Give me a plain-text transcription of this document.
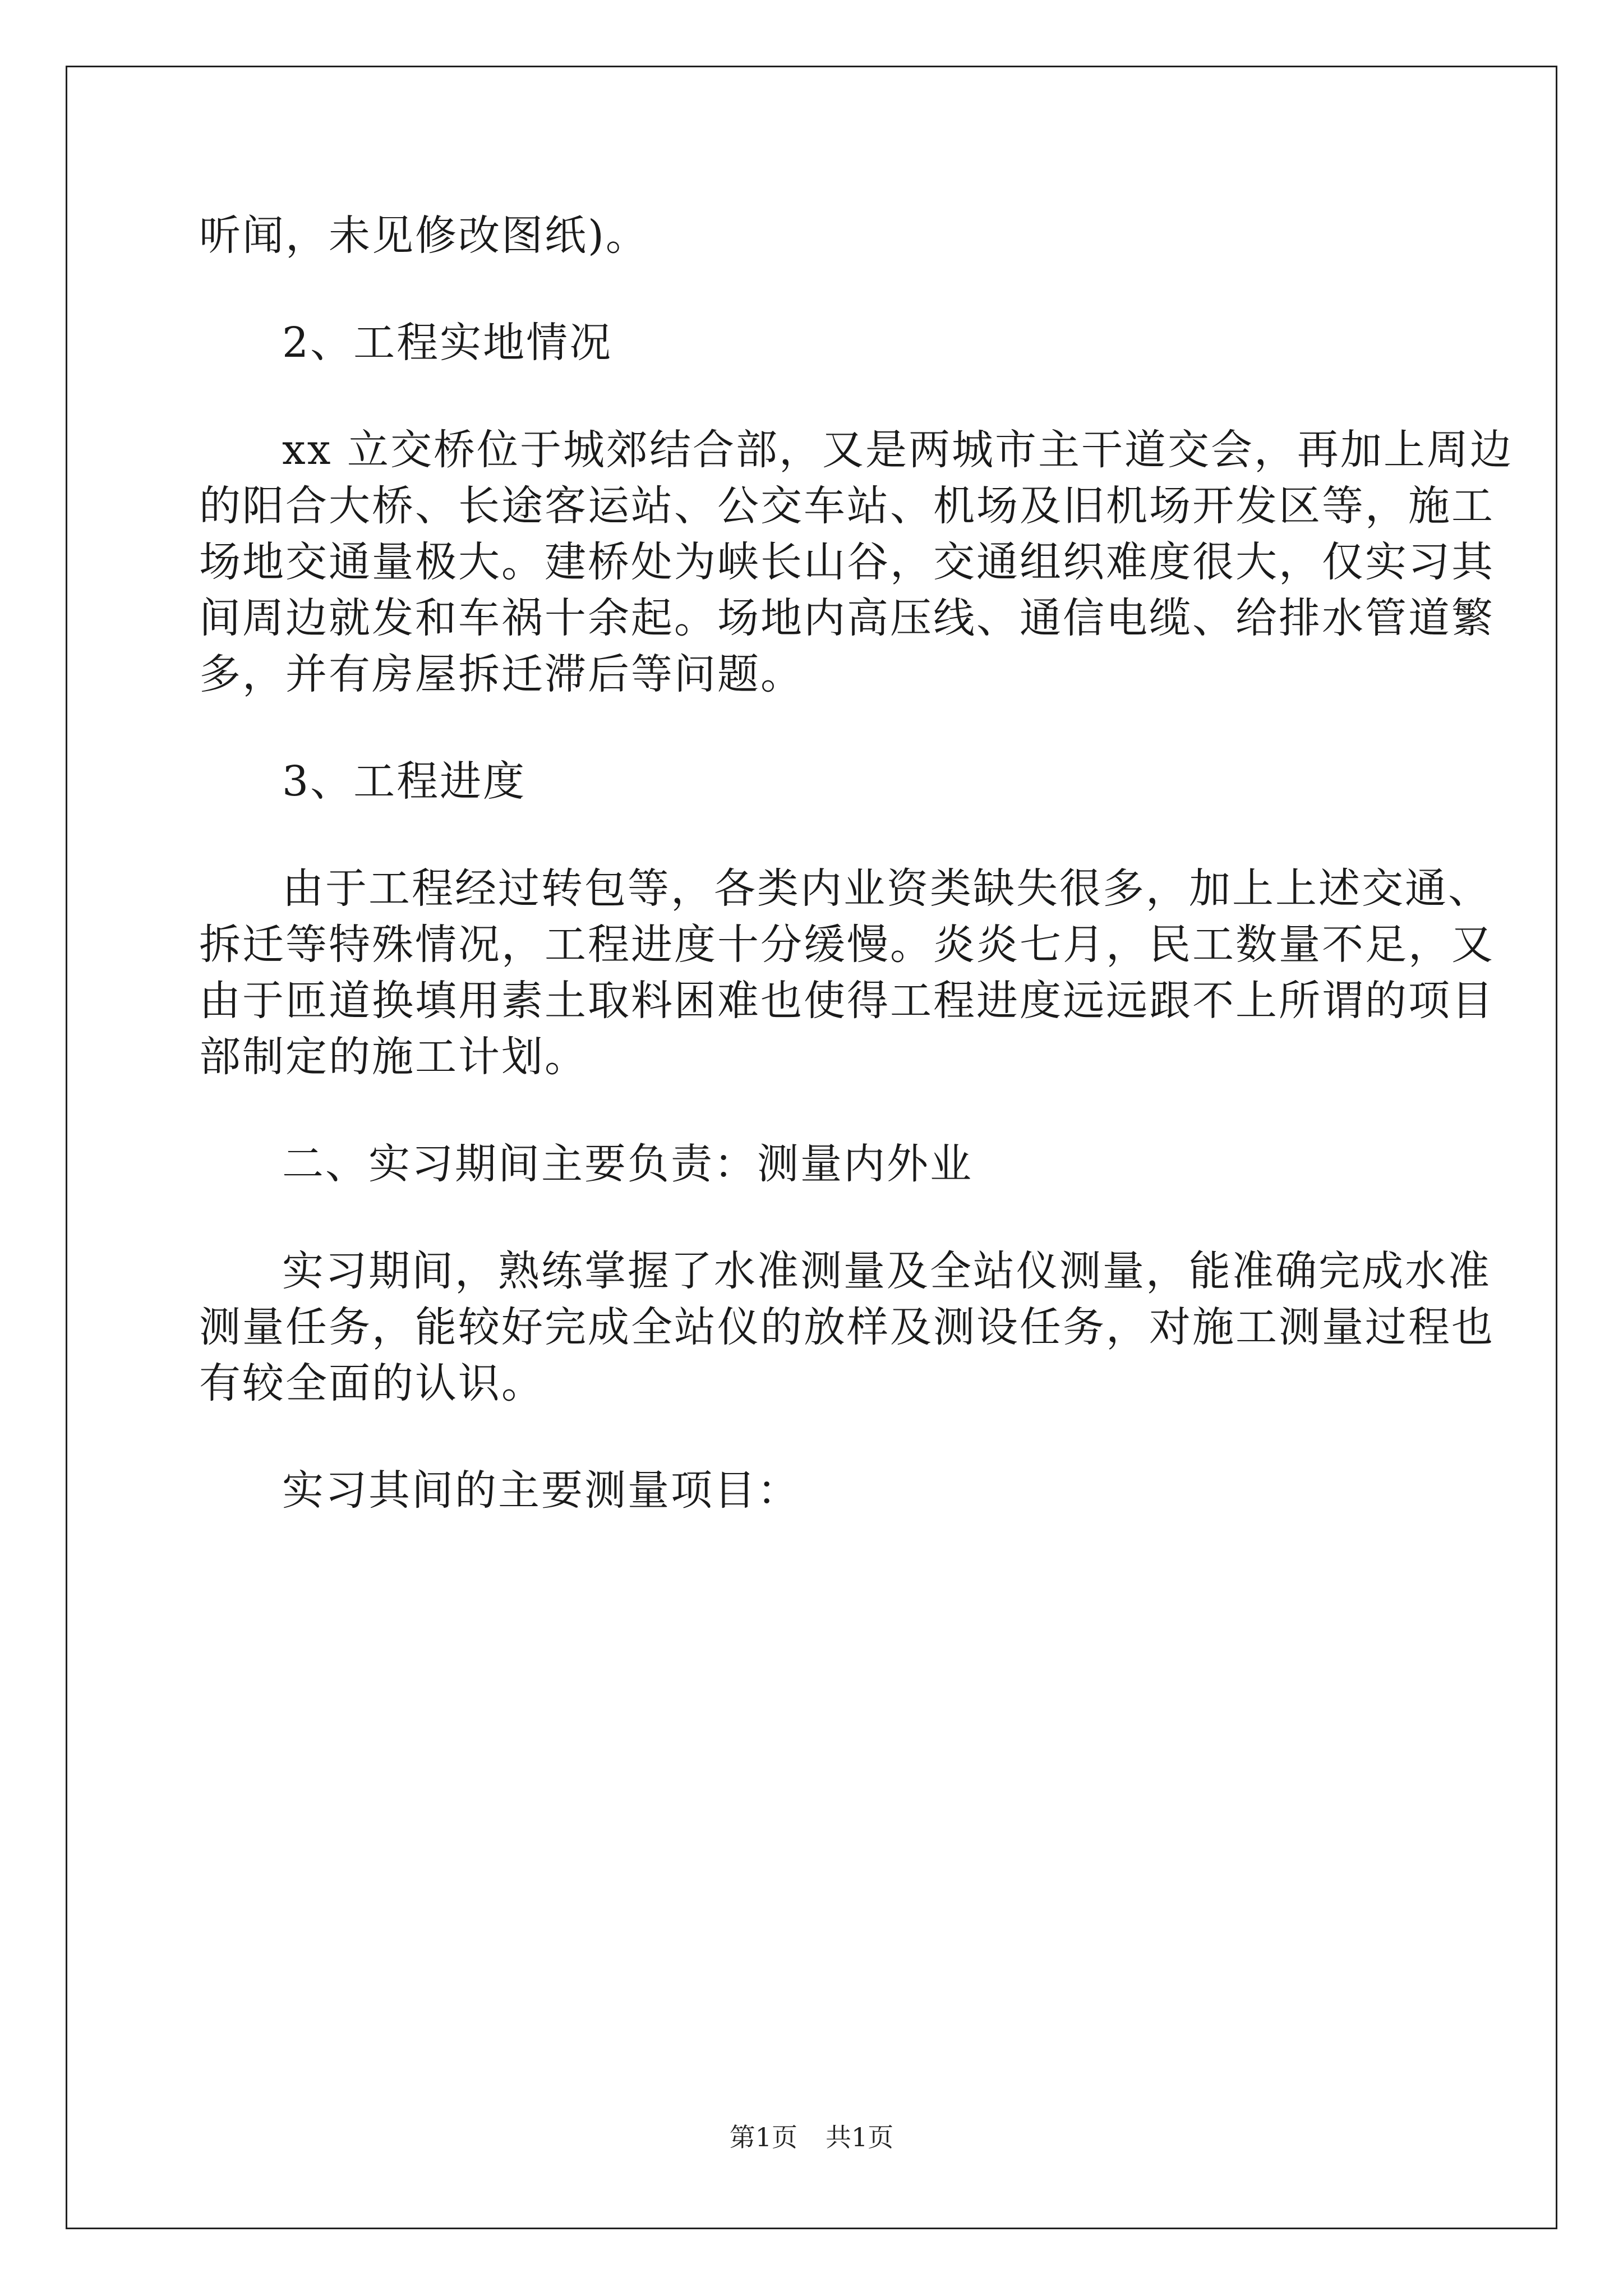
听闻，未见修改图纸)。
2、工程实地情况
xx 立交桥位于城郊结合部，又是两城市主干道交会，再加上周边
的阳合大桥、长途客运站、公交车站、机场及旧机场开发区等，施工
场地交通量极大。建桥处为峡长山谷，交通组织难度很大，仅实习其
间周边就发和车祸十余起。场地内高压线、通信电缆、给排水管道繁
多，并有房屋拆迁滞后等问题。
3、工程进度
由于工程经过转包等，各类内业资类缺失很多，加上上述交通、
拆迁等特殊情况，工程进度十分缓慢。炎炎七月，民工数量不足，又
由于匝道换填用素土取料困难也使得工程进度远远跟不上所谓的项目
部制定的施工计划。
二、实习期间主要负责：测量内外业
实习期间，熟练掌握了水准测量及全站仪测量，能准确完成水准
测量任务，能较好完成全站仪的放样及测设任务，对施工测量过程也
有较全面的认识。
实习其间的主要测量项目：
第1页 共1页
